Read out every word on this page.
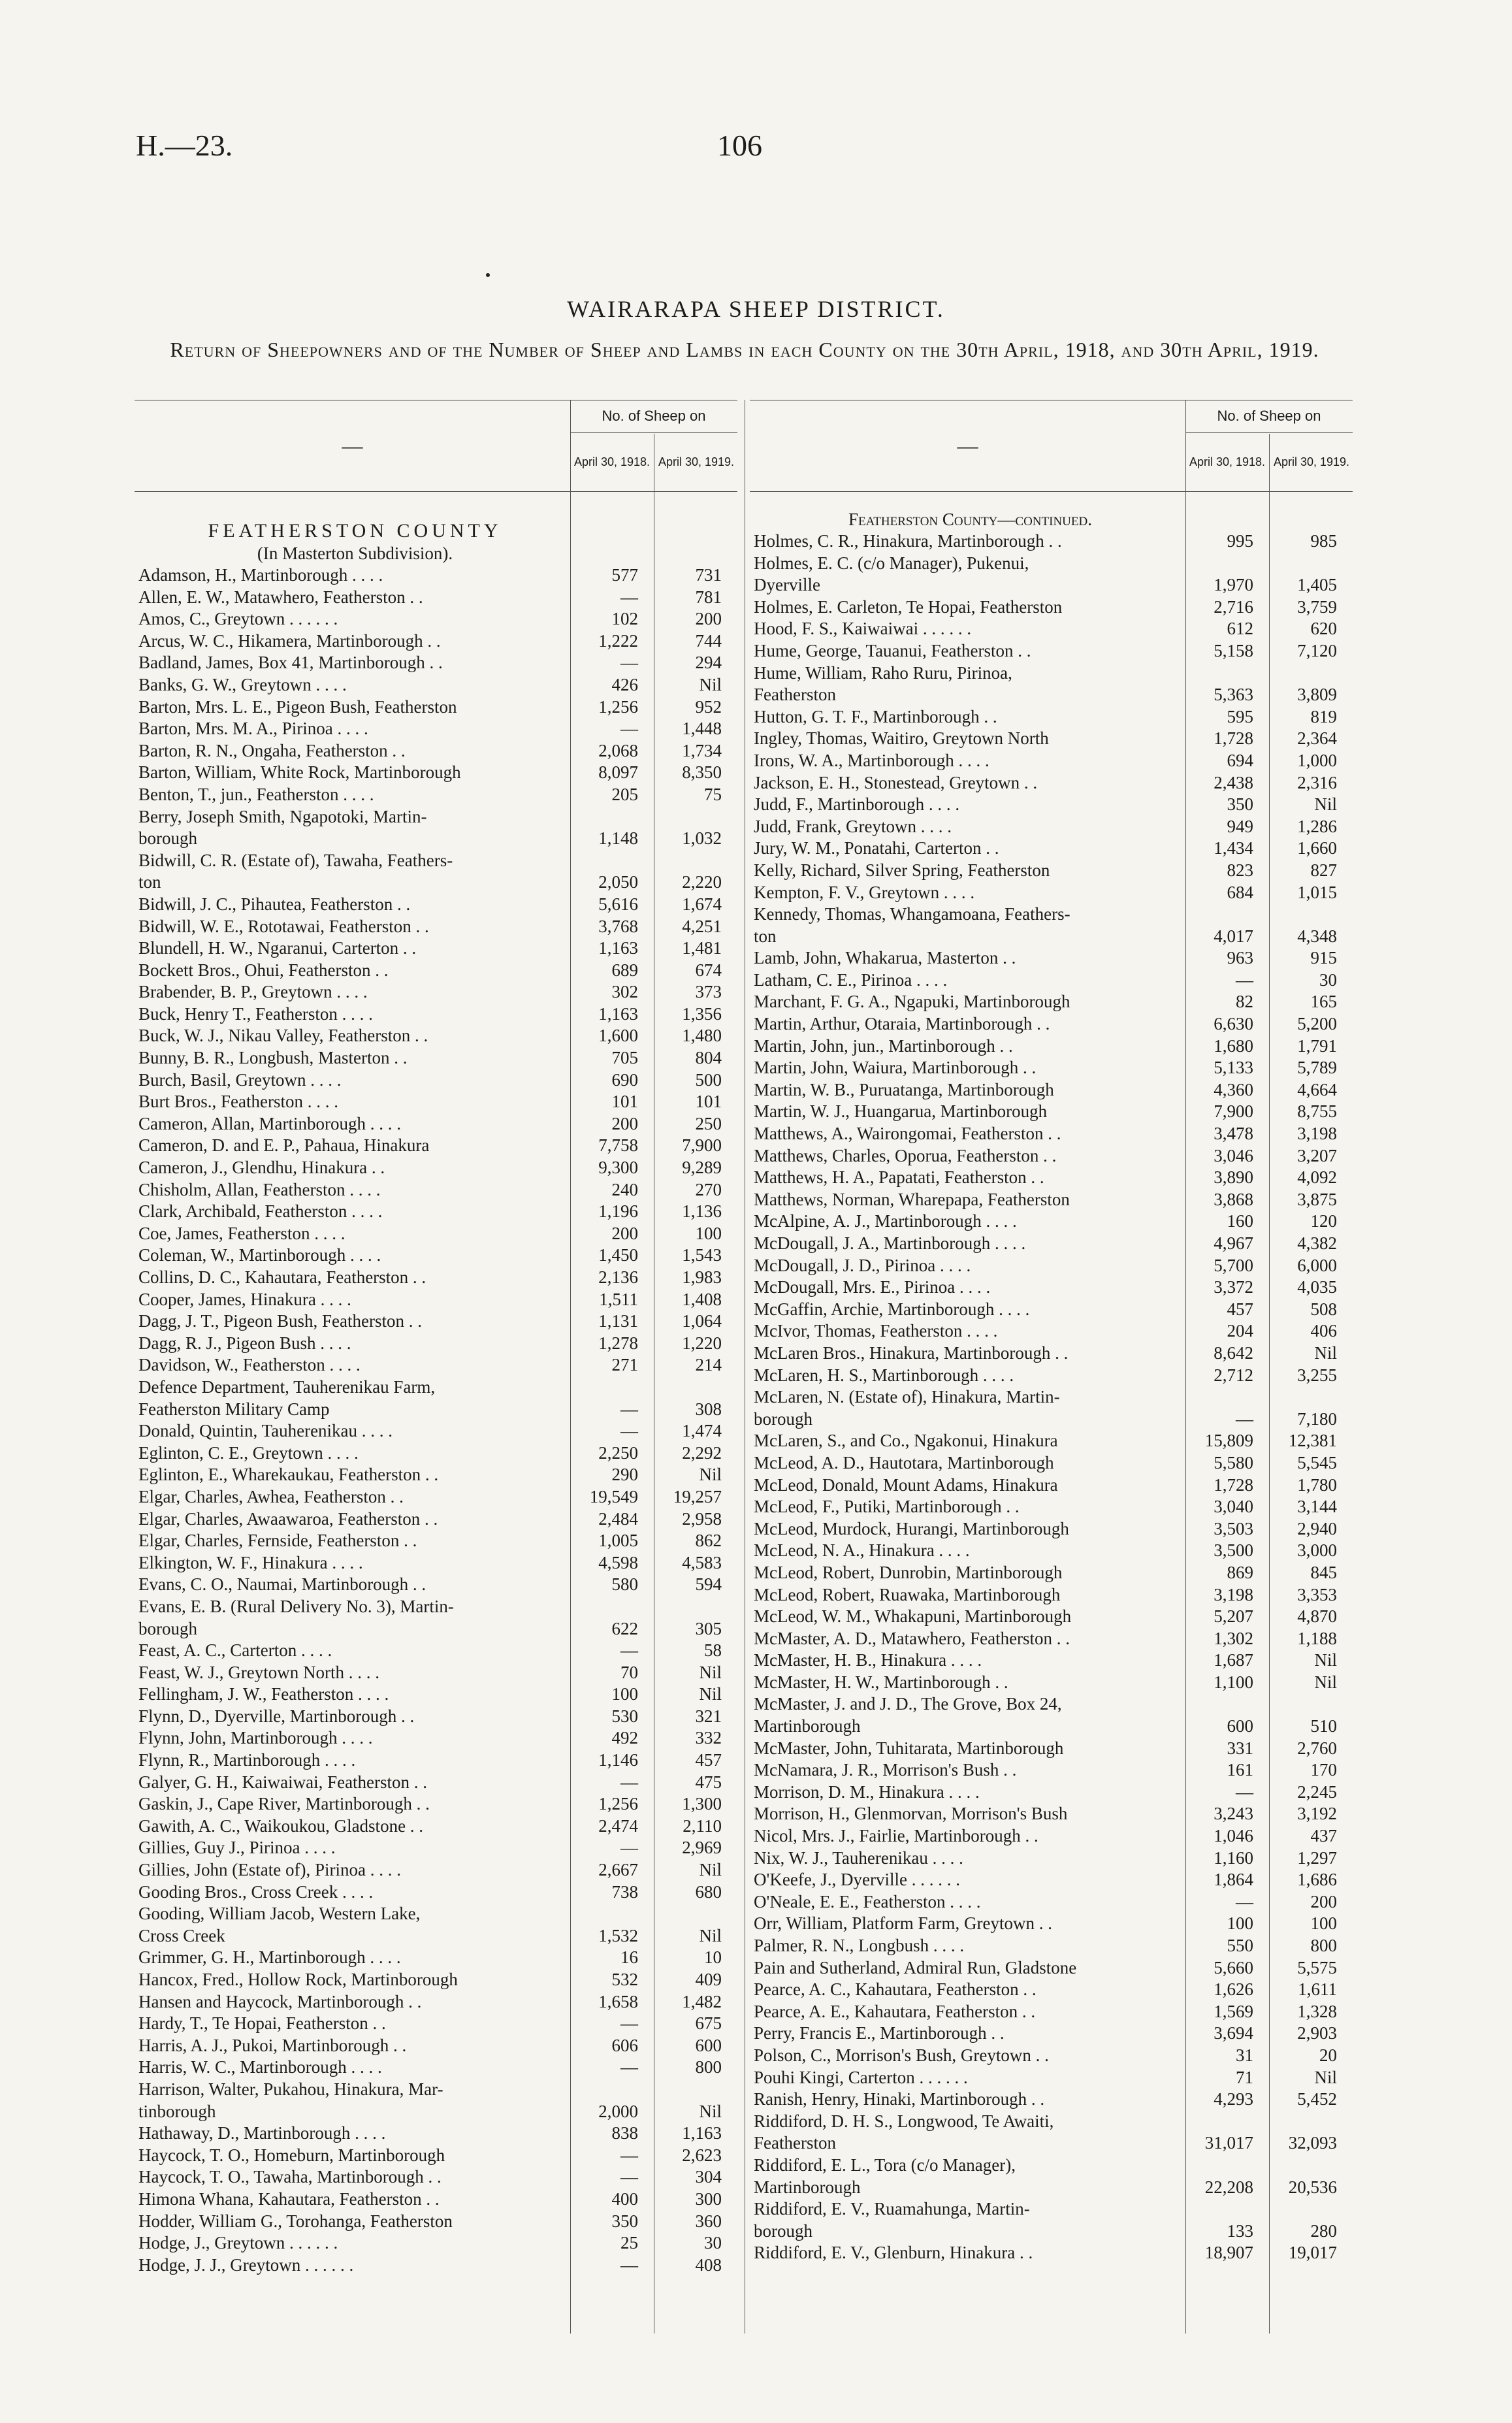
H.—23.	106
WAIRARAPA SHEEP DISTRICT.
Return of Sheepowners and of the Number of Sheep and Lambs in each County on the 30th April, 1918, and 30th April, 1919.
—
No. of Sheep on
April 30, 1918. April 30, 1919.
FEATHERSTON COUNTY
(In Masterton Subdivision).
Adamson, H., Martinborough . . . .	577	731
Allen, E. W., Matawhero, Featherston . .	—	781
Amos, C., Greytown . . . . . .	102	200
Arcus, W. C., Hikamera, Martinborough . .	1,222	744
Badland, James, Box 41, Martinborough . .	—	294
Banks, G. W., Greytown . . . .	426	Nil
Barton, Mrs. L. E., Pigeon Bush, Featherston	1,256	952
Barton, Mrs. M. A., Pirinoa . . . .	—	1,448
Barton, R. N., Ongaha, Featherston . .	2,068	1,734
Barton, William, White Rock, Martinborough	8,097	8,350
Benton, T., jun., Featherston . . . .	205	75
Berry, Joseph Smith, Ngapotoki, Martin-
borough	1,148	1,032
Bidwill, C. R. (Estate of), Tawaha, Feathers-
ton	2,050	2,220
Bidwill, J. C., Pihautea, Featherston . .	5,616	1,674
Bidwill, W. E., Rototawai, Featherston . .	3,768	4,251
Blundell, H. W., Ngaranui, Carterton . .	1,163	1,481
Bockett Bros., Ohui, Featherston . .	689	674
Brabender, B. P., Greytown . . . .	302	373
Buck, Henry T., Featherston . . . .	1,163	1,356
Buck, W. J., Nikau Valley, Featherston . .	1,600	1,480
Bunny, B. R., Longbush, Masterton . .	705	804
Burch, Basil, Greytown . . . .	690	500
Burt Bros., Featherston . . . .	101	101
Cameron, Allan, Martinborough . . . .	200	250
Cameron, D. and E. P., Pahaua, Hinakura	7,758	7,900
Cameron, J., Glendhu, Hinakura . .	9,300	9,289
Chisholm, Allan, Featherston . . . .	240	270
Clark, Archibald, Featherston . . . .	1,196	1,136
Coe, James, Featherston . . . .	200	100
Coleman, W., Martinborough . . . .	1,450	1,543
Collins, D. C., Kahautara, Featherston . .	2,136	1,983
Cooper, James, Hinakura . . . .	1,511	1,408
Dagg, J. T., Pigeon Bush, Featherston . .	1,131	1,064
Dagg, R. J., Pigeon Bush . . . .	1,278	1,220
Davidson, W., Featherston . . . .	271	214
Defence Department, Tauherenikau Farm,
Featherston Military Camp	—	308
Donald, Quintin, Tauherenikau . . . .	—	1,474
Eglinton, C. E., Greytown . . . .	2,250	2,292
Eglinton, E., Wharekaukau, Featherston . .	290	Nil
Elgar, Charles, Awhea, Featherston . .	19,549	19,257
Elgar, Charles, Awaawaroa, Featherston . .	2,484	2,958
Elgar, Charles, Fernside, Featherston . .	1,005	862
Elkington, W. F., Hinakura . . . .	4,598	4,583
Evans, C. O., Naumai, Martinborough . .	580	594
Evans, E. B. (Rural Delivery No. 3), Martin-
borough	622	305
Feast, A. C., Carterton . . . .	—	58
Feast, W. J., Greytown North . . . .	70	Nil
Fellingham, J. W., Featherston . . . .	100	Nil
Flynn, D., Dyerville, Martinborough . .	530	321
Flynn, John, Martinborough . . . .	492	332
Flynn, R., Martinborough . . . .	1,146	457
Galyer, G. H., Kaiwaiwai, Featherston . .	—	475
Gaskin, J., Cape River, Martinborough . .	1,256	1,300
Gawith, A. C., Waikoukou, Gladstone . .	2,474	2,110
Gillies, Guy J., Pirinoa . . . .	—	2,969
Gillies, John (Estate of), Pirinoa . . . .	2,667	Nil
Gooding Bros., Cross Creek . . . .	738	680
Gooding, William Jacob, Western Lake,
Cross Creek	1,532	Nil
Grimmer, G. H., Martinborough . . . .	16	10
Hancox, Fred., Hollow Rock, Martinborough	532	409
Hansen and Haycock, Martinborough . .	1,658	1,482
Hardy, T., Te Hopai, Featherston . .	—	675
Harris, A. J., Pukoi, Martinborough . .	606	600
Harris, W. C., Martinborough . . . .	—	800
Harrison, Walter, Pukahou, Hinakura, Mar-
tinborough	2,000	Nil
Hathaway, D., Martinborough . . . .	838	1,163
Haycock, T. O., Homeburn, Martinborough	—	2,623
Haycock, T. O., Tawaha, Martinborough . .	—	304
Himona Whana, Kahautara, Featherston . .	400	300
Hodder, William G., Torohanga, Featherston	350	360
Hodge, J., Greytown . . . . . .	25	30
Hodge, J. J., Greytown . . . . . .	—	408
—
No. of Sheep on
April 30, 1918. April 30, 1919.
Featherston County—continued.
Holmes, C. R., Hinakura, Martinborough . .	995	985
Holmes, E. C. (c/o Manager), Pukenui,
Dyerville	1,970	1,405
Holmes, E. Carleton, Te Hopai, Featherston	2,716	3,759
Hood, F. S., Kaiwaiwai . . . . . .	612	620
Hume, George, Tauanui, Featherston . .	5,158	7,120
Hume, William, Raho Ruru, Pirinoa,
Featherston	5,363	3,809
Hutton, G. T. F., Martinborough . .	595	819
Ingley, Thomas, Waitiro, Greytown North	1,728	2,364
Irons, W. A., Martinborough . . . .	694	1,000
Jackson, E. H., Stonestead, Greytown . .	2,438	2,316
Judd, F., Martinborough . . . .	350	Nil
Judd, Frank, Greytown . . . .	949	1,286
Jury, W. M., Ponatahi, Carterton . .	1,434	1,660
Kelly, Richard, Silver Spring, Featherston	823	827
Kempton, F. V., Greytown . . . .	684	1,015
Kennedy, Thomas, Whangamoana, Feathers-
ton	4,017	4,348
Lamb, John, Whakarua, Masterton . .	963	915
Latham, C. E., Pirinoa . . . .	—	30
Marchant, F. G. A., Ngapuki, Martinborough	82	165
Martin, Arthur, Otaraia, Martinborough . .	6,630	5,200
Martin, John, jun., Martinborough . .	1,680	1,791
Martin, John, Waiura, Martinborough . .	5,133	5,789
Martin, W. B., Puruatanga, Martinborough	4,360	4,664
Martin, W. J., Huangarua, Martinborough	7,900	8,755
Matthews, A., Wairongomai, Featherston . .	3,478	3,198
Matthews, Charles, Oporua, Featherston . .	3,046	3,207
Matthews, H. A., Papatati, Featherston . .	3,890	4,092
Matthews, Norman, Wharepapa, Featherston	3,868	3,875
McAlpine, A. J., Martinborough . . . .	160	120
McDougall, J. A., Martinborough . . . .	4,967	4,382
McDougall, J. D., Pirinoa . . . .	5,700	6,000
McDougall, Mrs. E., Pirinoa . . . .	3,372	4,035
McGaffin, Archie, Martinborough . . . .	457	508
McIvor, Thomas, Featherston . . . .	204	406
McLaren Bros., Hinakura, Martinborough . .	8,642	Nil
McLaren, H. S., Martinborough . . . .	2,712	3,255
McLaren, N. (Estate of), Hinakura, Martin-
borough	—	7,180
McLaren, S., and Co., Ngakonui, Hinakura	15,809	12,381
McLeod, A. D., Hautotara, Martinborough	5,580	5,545
McLeod, Donald, Mount Adams, Hinakura	1,728	1,780
McLeod, F., Putiki, Martinborough . .	3,040	3,144
McLeod, Murdock, Hurangi, Martinborough	3,503	2,940
McLeod, N. A., Hinakura . . . .	3,500	3,000
McLeod, Robert, Dunrobin, Martinborough	869	845
McLeod, Robert, Ruawaka, Martinborough	3,198	3,353
McLeod, W. M., Whakapuni, Martinborough	5,207	4,870
McMaster, A. D., Matawhero, Featherston . .	1,302	1,188
McMaster, H. B., Hinakura . . . .	1,687	Nil
McMaster, H. W., Martinborough . .	1,100	Nil
McMaster, J. and J. D., The Grove, Box 24,
Martinborough	600	510
McMaster, John, Tuhitarata, Martinborough	331	2,760
McNamara, J. R., Morrison's Bush . .	161	170
Morrison, D. M., Hinakura . . . .	—	2,245
Morrison, H., Glenmorvan, Morrison's Bush	3,243	3,192
Nicol, Mrs. J., Fairlie, Martinborough . .	1,046	437
Nix, W. J., Tauherenikau . . . .	1,160	1,297
O'Keefe, J., Dyerville . . . . . .	1,864	1,686
O'Neale, E. E., Featherston . . . .	—	200
Orr, William, Platform Farm, Greytown . .	100	100
Palmer, R. N., Longbush . . . .	550	800
Pain and Sutherland, Admiral Run, Gladstone	5,660	5,575
Pearce, A. C., Kahautara, Featherston . .	1,626	1,611
Pearce, A. E., Kahautara, Featherston . .	1,569	1,328
Perry, Francis E., Martinborough . .	3,694	2,903
Polson, C., Morrison's Bush, Greytown . .	31	20
Pouhi Kingi, Carterton . . . . . .	71	Nil
Ranish, Henry, Hinaki, Martinborough . .	4,293	5,452
Riddiford, D. H. S., Longwood, Te Awaiti,
Featherston	31,017	32,093
Riddiford, E. L., Tora (c/o Manager),
Martinborough	22,208	20,536
Riddiford, E. V., Ruamahunga, Martin-
borough	133	280
Riddiford, E. V., Glenburn, Hinakura . .	18,907	19,017
